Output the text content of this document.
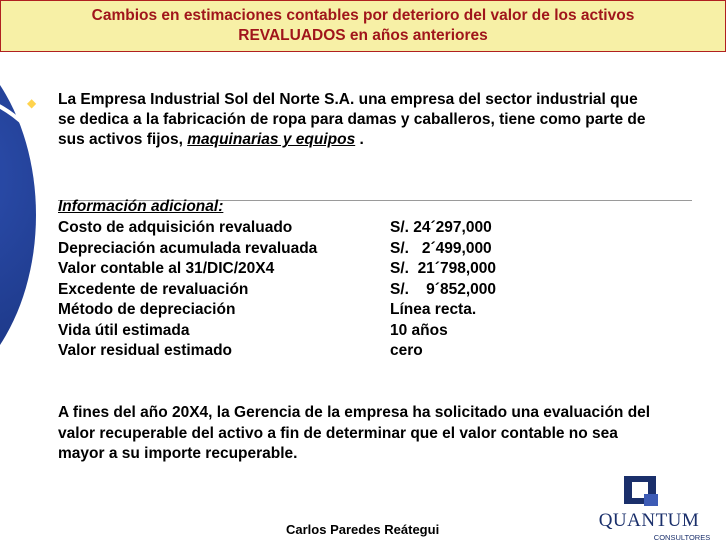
Cambios en estimaciones contables por deterioro del valor de los activos
REVALUADOS en años anteriores
◆ La Empresa Industrial Sol del Norte S.A. una empresa del sector industrial que se dedica a la fabricación de ropa para damas y caballeros, tiene como parte de sus activos fijos, maquinarias y equipos .
Información adicional:
Costo de adquisición revaluado	S/. 24´297,000
Depreciación acumulada revaluada	S/.   2´499,000
Valor contable al 31/DIC/20X4	S/.  21´798,000
Excedente de revaluación	S/.    9´852,000
Método de depreciación	Línea recta.
Vida útil estimada	10 años
Valor residual estimado	cero
A fines del año 20X4, la Gerencia de la empresa ha solicitado una evaluación del valor recuperable del activo a fin de determinar que el valor contable no sea mayor a su importe recuperable.
Carlos Paredes Reátegui	QUANTUM
CONSULTORES
